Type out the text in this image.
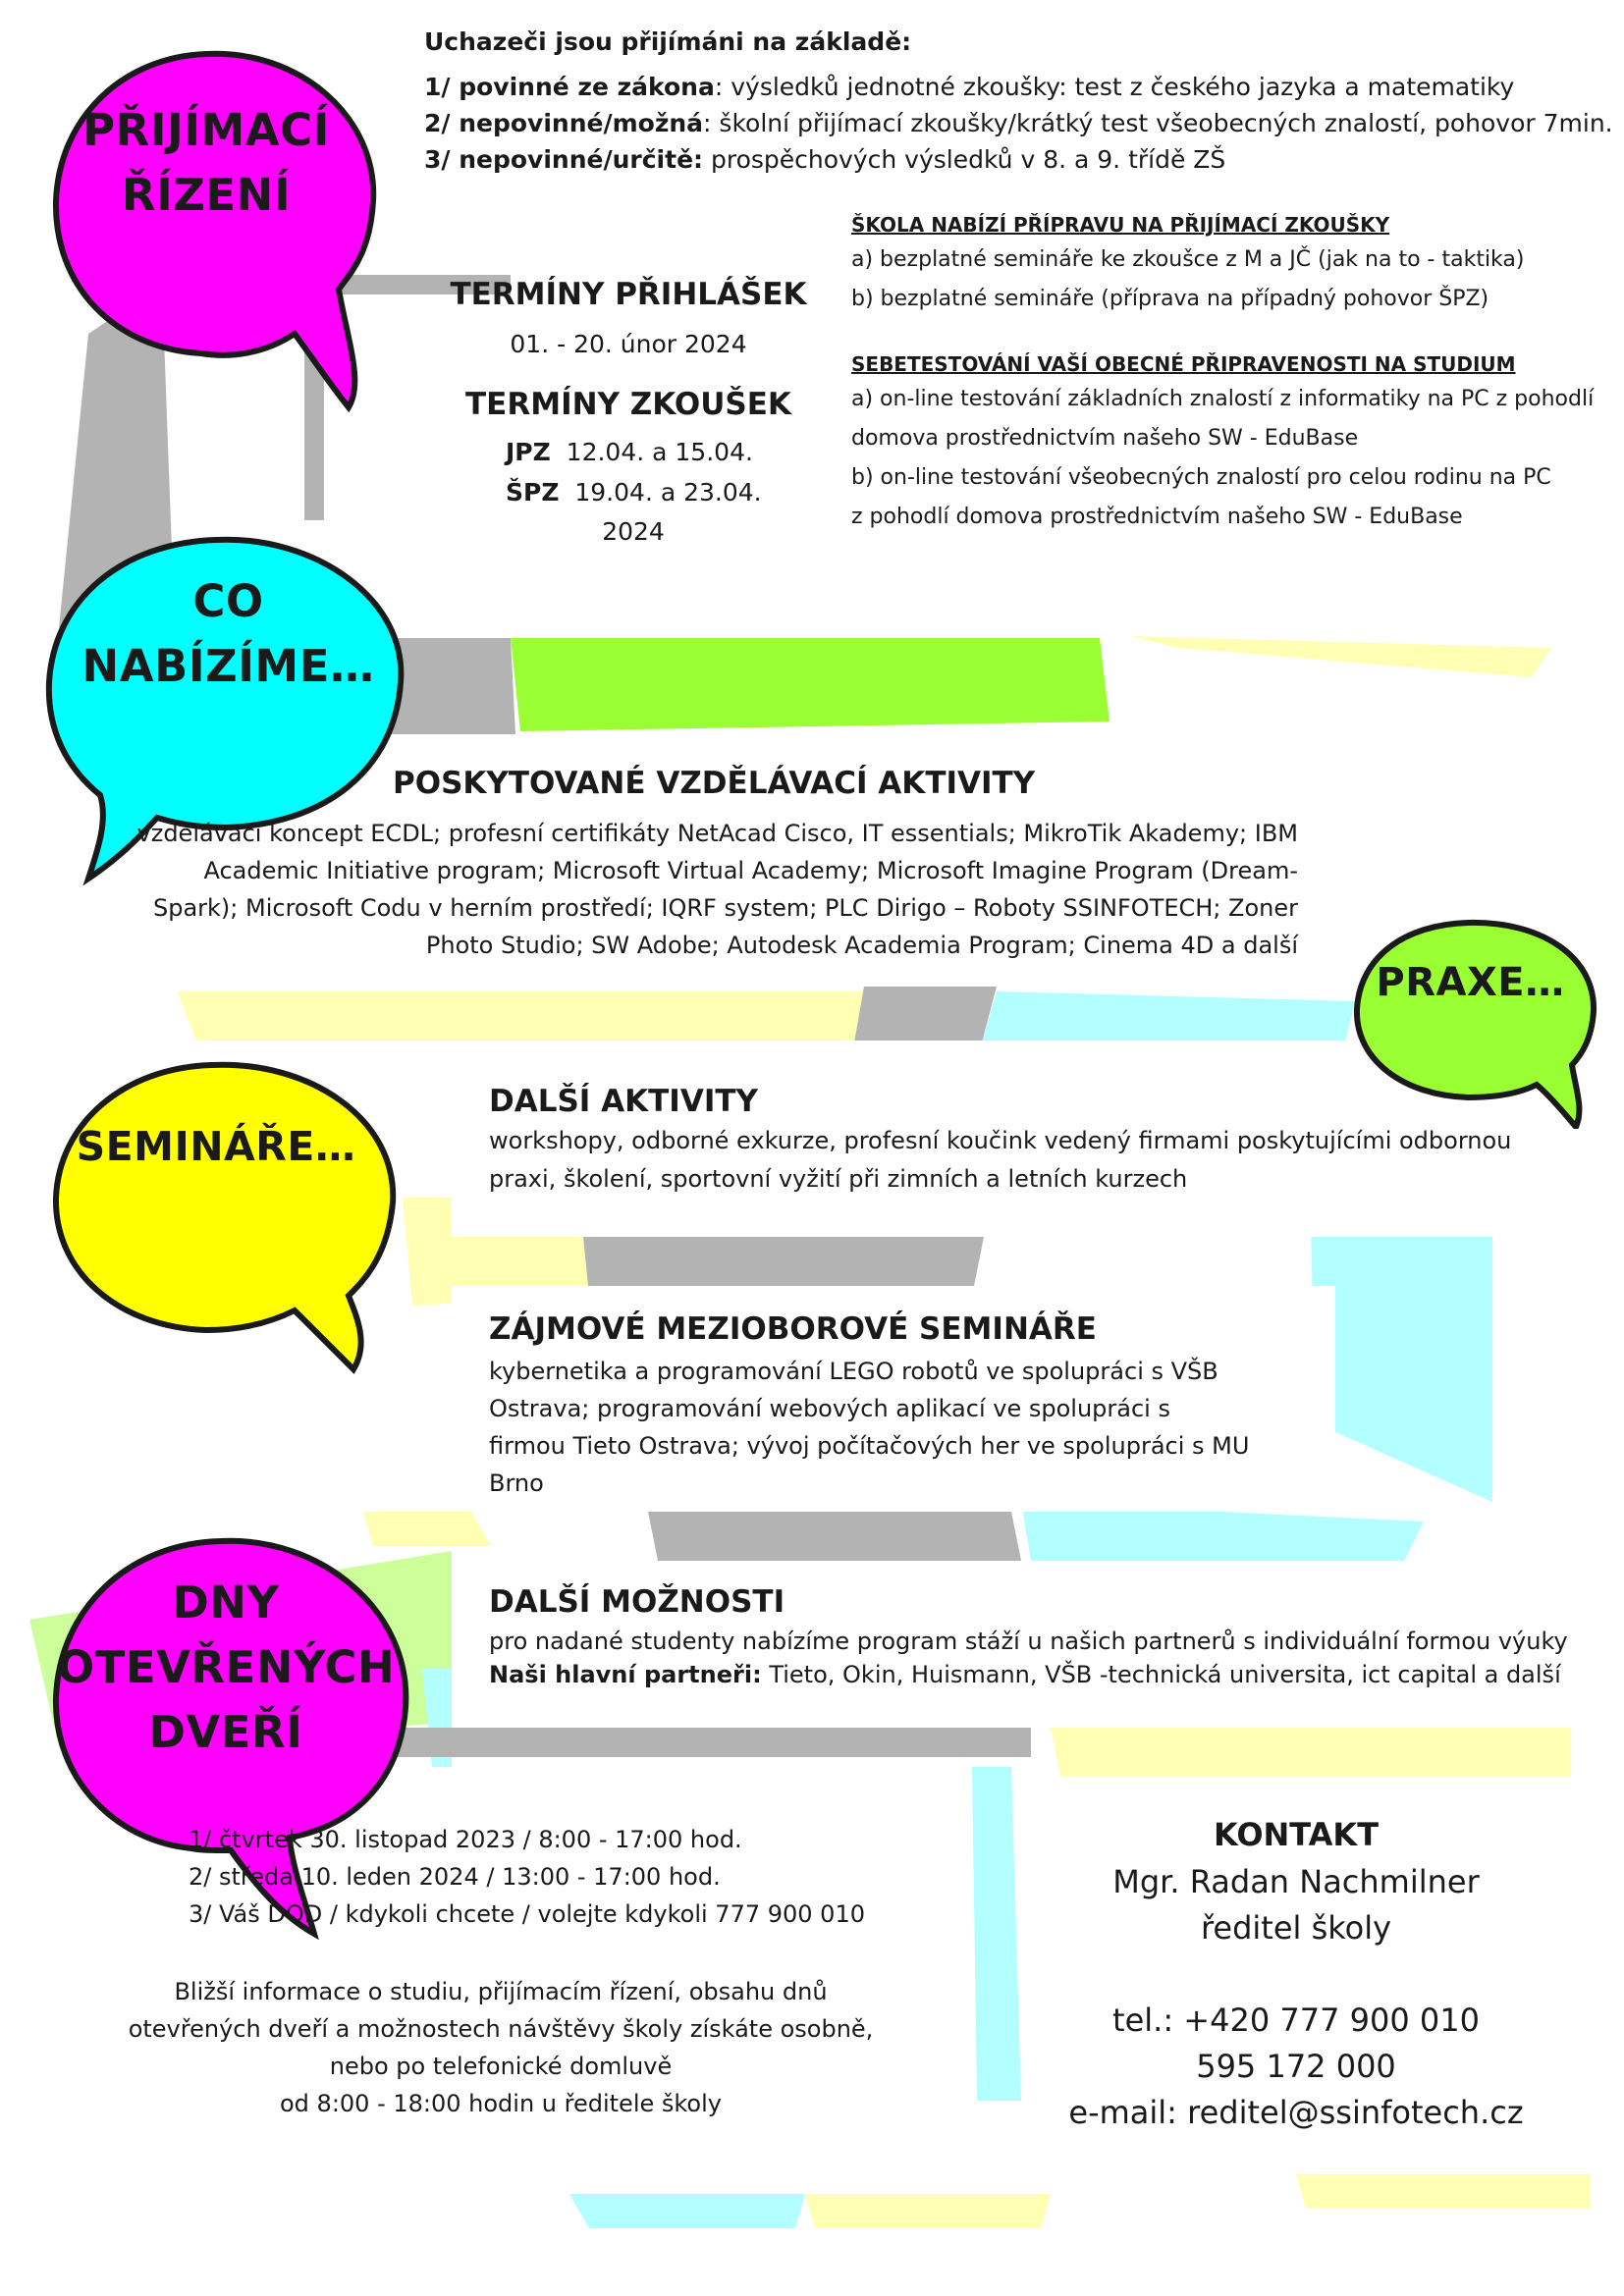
PŘIJÍMACÍ
ŘÍZENÍ
CO
NABÍZÍME…
SEMINÁŘE…
PRAXE…
DNY
OTEVŘENÝCH
DVEŘÍ
Uchazeči jsou přijímáni na základě:
1/ povinné ze zákona: výsledků jednotné zkoušky: test z českého jazyka a matematiky
2/ nepovinné/možná: školní přijímací zkoušky/krátký test všeobecných znalostí, pohovor 7min.
3/ nepovinné/určitě: prospěchových výsledků v 8. a 9. třídě ZŠ
TERMÍNY PŘIHLÁŠEK
01. - 20. únor 2024
TERMÍNY ZKOUŠEK
JPZ 12.04. a 15.04.
ŠPZ 19.04. a 23.04.
2024
ŠKOLA NABÍZÍ PŘÍPRAVU NA PŘIJÍMACÍ ZKOUŠKY
a) bezplatné semináře ke zkoušce z M a JČ (jak na to - taktika)
b) bezplatné semináře (příprava na případný pohovor ŠPZ)
SEBETESTOVÁNÍ VAŠÍ OBECNÉ PŘIPRAVENOSTI NA STUDIUM
a) on-line testování základních znalostí z informatiky na PC z pohodlí
domova prostřednictvím našeho SW - EduBase
b) on-line testování všeobecných znalostí pro celou rodinu na PC
z pohodlí domova prostřednictvím našeho SW - EduBase
POSKYTOVANÉ VZDĚLÁVACÍ AKTIVITY
vzdělávací koncept ECDL; profesní certifikáty NetAcad Cisco, IT essentials; MikroTik Akademy; IBM
Academic Initiative program; Microsoft Virtual Academy; Microsoft Imagine Program (Dream-
Spark); Microsoft Codu v herním prostředí; IQRF system; PLC Dirigo – Roboty SSINFOTECH; Zoner
Photo Studio; SW Adobe; Autodesk Academia Program; Cinema 4D a další
DALŠÍ AKTIVITY
workshopy, odborné exkurze, profesní koučink vedený firmami poskytujícími odbornou
praxi, školení, sportovní vyžití při zimních a letních kurzech
ZÁJMOVÉ MEZIOBOROVÉ SEMINÁŘE
kybernetika a programování LEGO robotů ve spolupráci s VŠB
Ostrava; programování webových aplikací ve spolupráci s
firmou Tieto Ostrava; vývoj počítačových her ve spolupráci s MU
Brno
DALŠÍ MOŽNOSTI
pro nadané studenty nabízíme program stáží u našich partnerů s individuální formou výuky
Naši hlavní partneři: Tieto, Okin, Huismann, VŠB -technická universita, ict capital a další
1/ čtvrtek 30. listopad 2023 / 8:00 - 17:00 hod.
2/ středa 10. leden 2024 / 13:00 - 17:00 hod.
3/ Váš DOD / kdykoli chcete / volejte kdykoli 777 900 010
Bližší informace o studiu, přijímacím řízení, obsahu dnů
otevřených dveří a možnostech návštěvy školy získáte osobně,
nebo po telefonické domluvě
od 8:00 - 18:00 hodin u ředitele školy
KONTAKT
Mgr. Radan Nachmilner
ředitel školy
tel.: +420 777 900 010
595 172 000
e-mail: reditel@ssinfotech.cz
